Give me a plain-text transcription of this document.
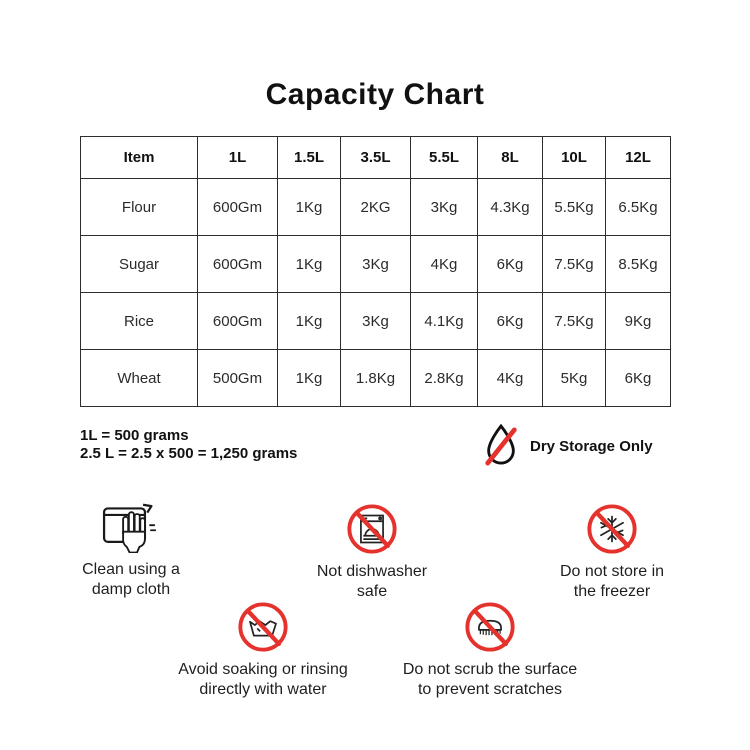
Capacity Chart
Item	1L	1.5L	3.5L	5.5L	8L	10L	12L
Flour	600Gm	1Kg	2KG	3Kg	4.3Kg	5.5Kg	6.5Kg
Sugar	600Gm	1Kg	3Kg	4Kg	6Kg	7.5Kg	8.5Kg
Rice	600Gm	1Kg	3Kg	4.1Kg	6Kg	7.5Kg	9Kg
Wheat	500Gm	1Kg	1.8Kg	2.8Kg	4Kg	5Kg	6Kg
1L = 500 grams
2.5 L = 2.5 x 500 = 1,250 grams	Dry Storage Only
Clean using a
damp cloth
Not dishwasher
safe
Do not store in
the freezer
Avoid soaking or rinsing
directly with water
Do not scrub the surface
to prevent scratches
